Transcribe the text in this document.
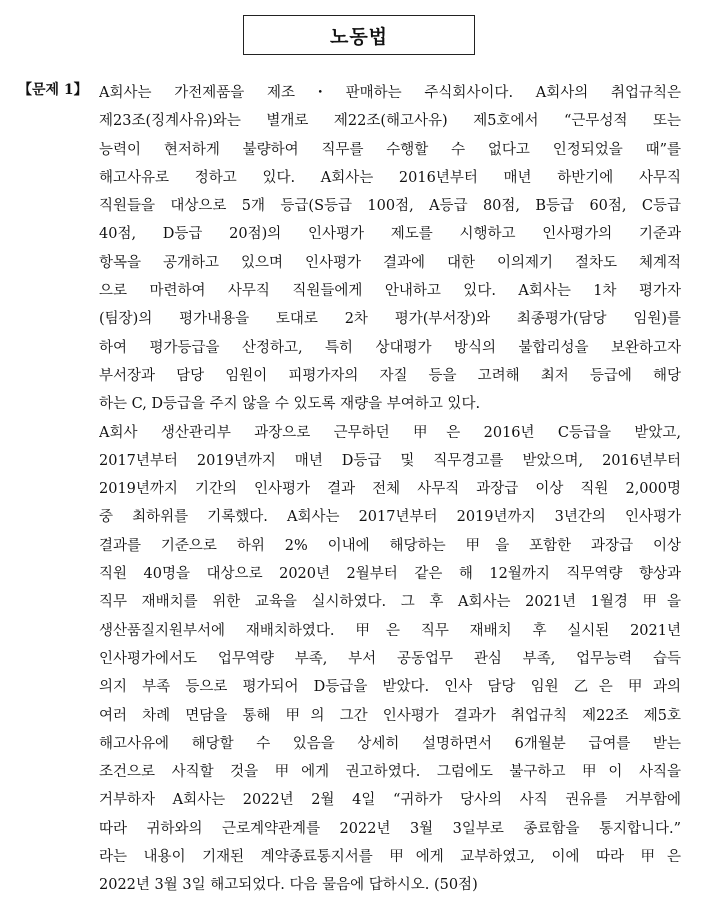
노동법
【문제 1】 A회사는 가전제품을 제조・판매하는 주식회사이다. A회사의 취업규칙은
제23조(징계사유)와는 별개로 제22조(해고사유) 제5호에서 “근무성적 또는
능력이 현저하게 불량하여 직무를 수행할 수 없다고 인정되었을 때”를
해고사유로 정하고 있다. A회사는 2016년부터 매년 하반기에 사무직
직원들을 대상으로 5개 등급(S등급 100점, A등급 80점, B등급 60점, C등급
40점, D등급 20점)의 인사평가 제도를 시행하고 인사평가의 기준과
항목을 공개하고 있으며 인사평가 결과에 대한 이의제기 절차도 체계적
으로 마련하여 사무직 직원들에게 안내하고 있다. A회사는 1차 평가자
(팀장)의 평가내용을 토대로 2차 평가(부서장)와 최종평가(담당 임원)를
하여 평가등급을 산정하고, 특히 상대평가 방식의 불합리성을 보완하고자
부서장과 담당 임원이 피평가자의 자질 등을 고려해 최저 등급에 해당
하는 C, D등급을 주지 않을 수 있도록 재량을 부여하고 있다.
A회사 생산관리부 과장으로 근무하던 甲은 2016년 C등급을 받았고,
2017년부터 2019년까지 매년 D등급 및 직무경고를 받았으며, 2016년부터
2019년까지 기간의 인사평가 결과 전체 사무직 과장급 이상 직원 2,000명
중 최하위를 기록했다. A회사는 2017년부터 2019년까지 3년간의 인사평가
결과를 기준으로 하위 2% 이내에 해당하는 甲을 포함한 과장급 이상
직원 40명을 대상으로 2020년 2월부터 같은 해 12월까지 직무역량 향상과
직무 재배치를 위한 교육을 실시하였다. 그 후 A회사는 2021년 1월경 甲을
생산품질지원부서에 재배치하였다. 甲은 직무 재배치 후 실시된 2021년
인사평가에서도 업무역량 부족, 부서 공동업무 관심 부족, 업무능력 습득
의지 부족 등으로 평가되어 D등급을 받았다. 인사 담당 임원 乙은 甲과의
여러 차례 면담을 통해 甲의 그간 인사평가 결과가 취업규칙 제22조 제5호
해고사유에 해당할 수 있음을 상세히 설명하면서 6개월분 급여를 받는
조건으로 사직할 것을 甲에게 권고하였다. 그럼에도 불구하고 甲이 사직을
거부하자 A회사는 2022년 2월 4일 “귀하가 당사의 사직 권유를 거부함에
따라 귀하와의 근로계약관계를 2022년 3월 3일부로 종료함을 통지합니다.”
라는 내용이 기재된 계약종료통지서를 甲에게 교부하였고, 이에 따라 甲은
2022년 3월 3일 해고되었다. 다음 물음에 답하시오. (50점)
